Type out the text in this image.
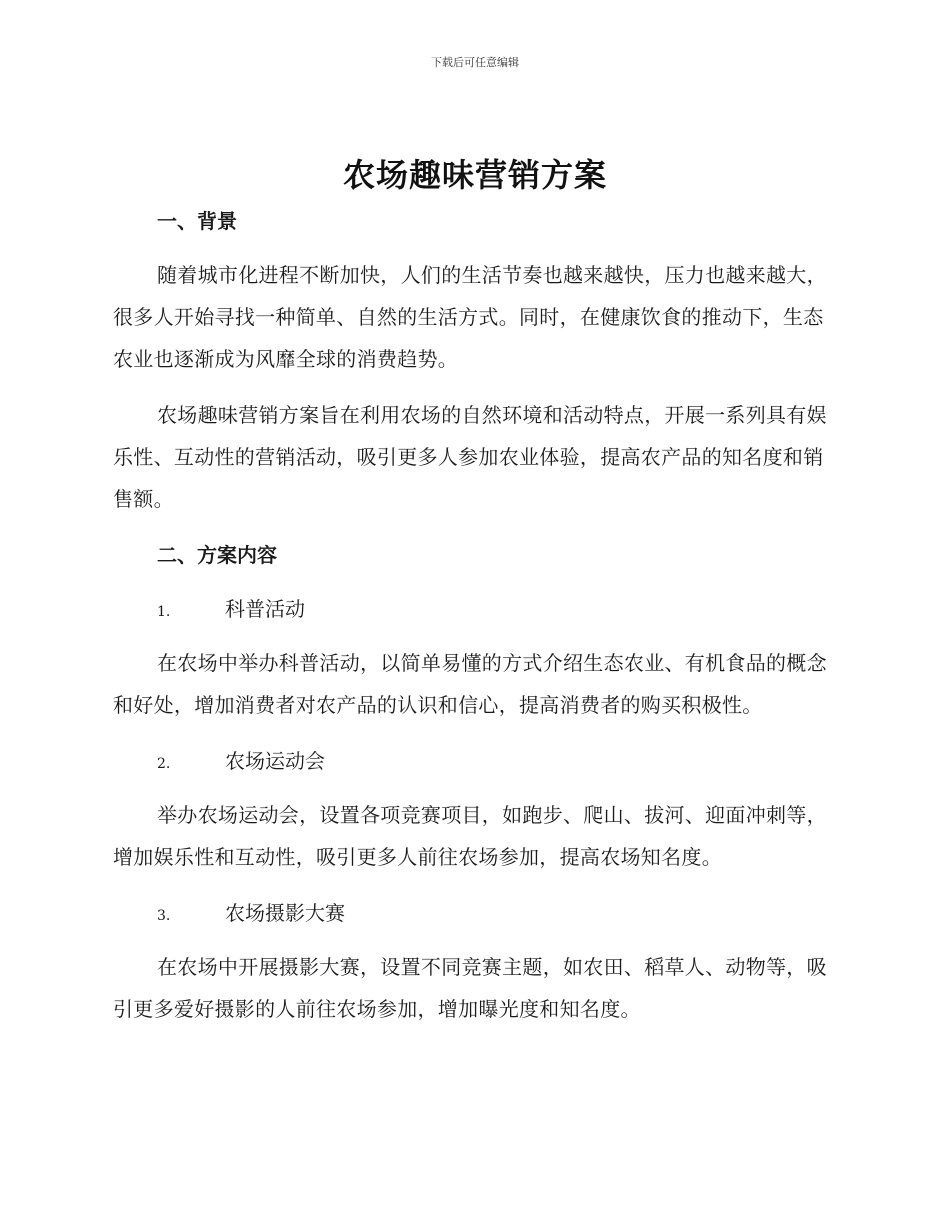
下载后可任意编辑
农场趣味营销方案
一、背景

随着城市化进程不断加快，人们的生活节奏也越来越快，压力也越来越大，很多人开始寻找一种简单、自然的生活方式。同时，在健康饮食的推动下，生态农业也逐渐成为风靡全球的消费趋势。

农场趣味营销方案旨在利用农场的自然环境和活动特点，开展一系列具有娱乐性、互动性的营销活动，吸引更多人参加农业体验，提高农产品的知名度和销售额。

二、方案内容
1.	科普活动

在农场中举办科普活动，以简单易懂的方式介绍生态农业、有机食品的概念和好处，增加消费者对农产品的认识和信心，提高消费者的购买积极性。

2.	农场运动会

举办农场运动会，设置各项竞赛项目，如跑步、爬山、拔河、迎面冲刺等，增加娱乐性和互动性，吸引更多人前往农场参加，提高农场知名度。

3.	农场摄影大赛

在农场中开展摄影大赛，设置不同竞赛主题，如农田、稻草人、动物等，吸引更多爱好摄影的人前往农场参加，增加曝光度和知名度。
